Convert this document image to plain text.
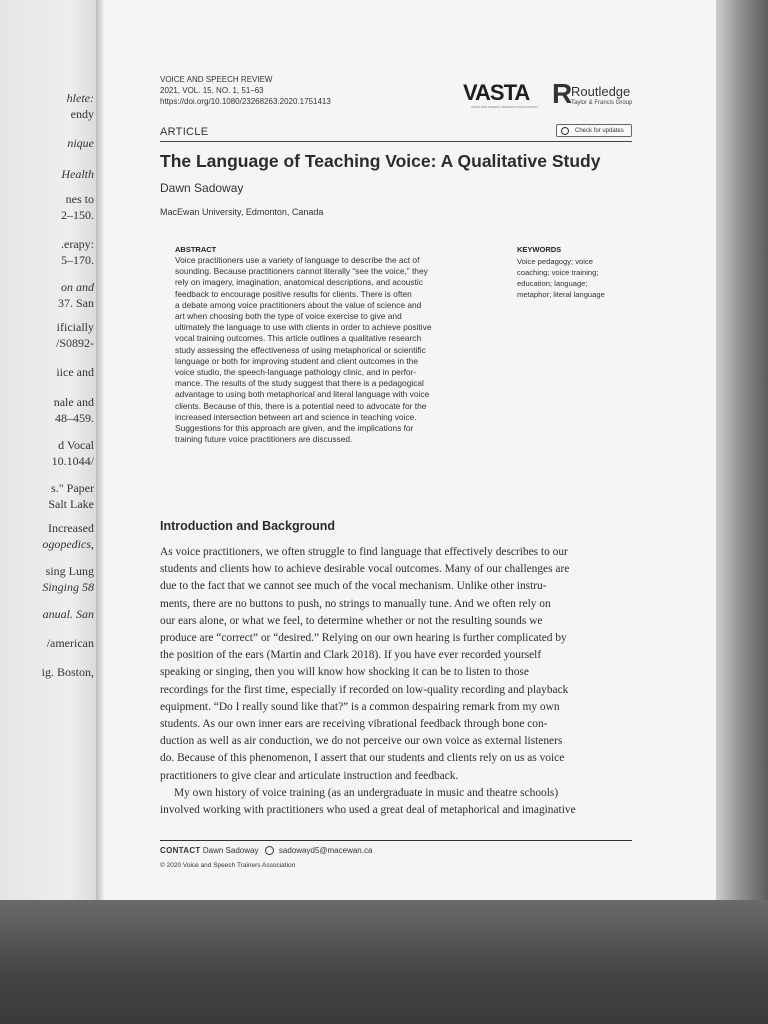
hlete:
endy
nique
Health
nes to
2–150.
.erapy:
5–170.
on and
37. San
ificially
/S0892-
iice and
nale and
48–459.
d Vocal
10.1044/
s." Paper
Salt Lake
Increased
ogopedics,
sing Lung
Singing 58
anual. San
/american
ig. Boston,
VOICE AND SPEECH REVIEW
2021, VOL. 15, NO. 1, 51–63
https://doi.org/10.1080/23268263.2020.1751413	VASTA
VOICE AND SPEECH TRAINERS ASSOCIATION R
Routledge
Taylor & Francis Group
ARTICLE	Check for updates
The Language of Teaching Voice: A Qualitative Study
Dawn Sadoway
MacEwan University, Edmonton, Canada
ABSTRACT
Voice practitioners use a variety of language to describe the act of
sounding. Because practitioners cannot literally “see the voice,” they
rely on imagery, imagination, anatomical descriptions, and acoustic
feedback to encourage positive results for clients. There is often
a debate among voice practitioners about the value of science and
art when choosing both the type of voice exercise to give and
ultimately the language to use with clients in order to achieve positive
vocal training outcomes. This article outlines a qualitative research
study assessing the effectiveness of using metaphorical or scientific
language or both for improving student and client outcomes in the
voice studio, the speech-language pathology clinic, and in perfor-
mance. The results of the study suggest that there is a pedagogical
advantage to using both metaphorical and literal language with voice
clients. Because of this, there is a potential need to advocate for the
increased intersection between art and science in teaching voice.
Suggestions for this approach are given, and the implications for
training future voice practitioners are discussed.
KEYWORDS
Voice pedagogy; voice
coaching; voice training;
education; language;
metaphor; literal language
Introduction and Background
As voice practitioners, we often struggle to find language that effectively describes to our
students and clients how to achieve desirable vocal outcomes. Many of our challenges are
due to the fact that we cannot see much of the vocal mechanism. Unlike other instru-
ments, there are no buttons to push, no strings to manually tune. And we often rely on
our ears alone, or what we feel, to determine whether or not the resulting sounds we
produce are “correct” or “desired.” Relying on our own hearing is further complicated by
the position of the ears (Martin and Clark 2018). If you have ever recorded yourself
speaking or singing, then you will know how shocking it can be to listen to those
recordings for the first time, especially if recorded on low-quality recording and playback
equipment. “Do I really sound like that?” is a common despairing remark from my own
students. As our own inner ears are receiving vibrational feedback through bone con-
duction as well as air conduction, we do not perceive our own voice as external listeners
do. Because of this phenomenon, I assert that our students and clients rely on us as voice
practitioners to give clear and articulate instruction and feedback.
My own history of voice training (as an undergraduate in music and theatre schools)
involved working with practitioners who used a great deal of metaphorical and imaginative
CONTACT Dawn Sadoway	sadowayd5@macewan.ca
© 2020 Voice and Speech Trainers Association
